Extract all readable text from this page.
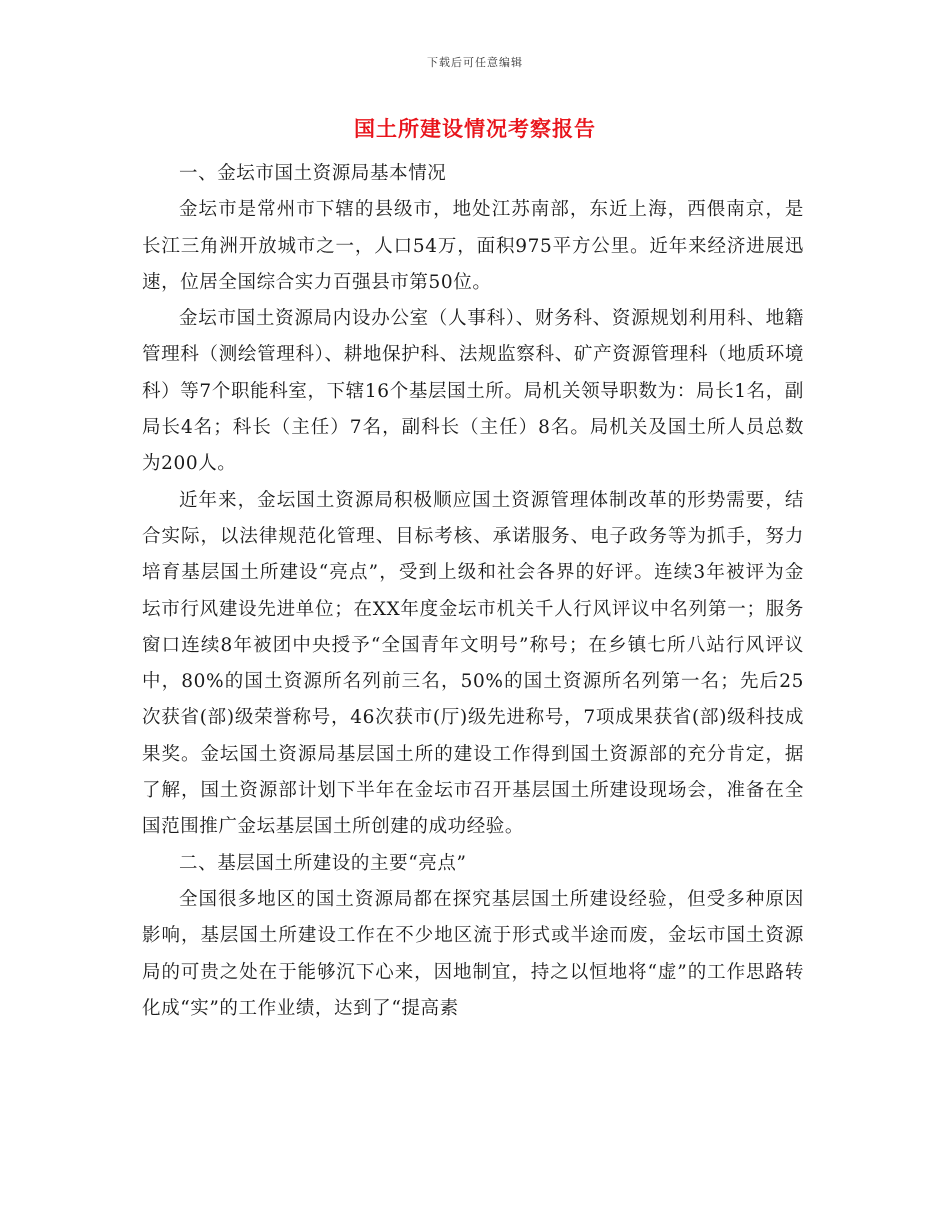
下载后可任意编辑
国土所建设情况考察报告

一、金坛市国土资源局基本情况

金坛市是常州市下辖的县级市，地处江苏南部，东近上海，西偎南京，是长江三角洲开放城市之一，人口54万，面积975平方公里。近年来经济进展迅速，位居全国综合实力百强县市第50位。

金坛市国土资源局内设办公室（人事科）、财务科、资源规划利用科、地籍管理科（测绘管理科）、耕地保护科、法规监察科、矿产资源管理科（地质环境科）等7个职能科室，下辖16个基层国土所。局机关领导职数为：局长1名，副局长4名；科长（主任）7名，副科长（主任）8名。局机关及国土所人员总数为200人。

近年来，金坛国土资源局积极顺应国土资源管理体制改革的形势需要，结合实际，以法律规范化管理、目标考核、承诺服务、电子政务等为抓手，努力培育基层国土所建设“亮点”，受到上级和社会各界的好评。连续3年被评为金坛市行风建设先进单位；在XX年度金坛市机关千人行风评议中名列第一；服务窗口连续8年被团中央授予“全国青年文明号”称号；在乡镇七所八站行风评议中，80%的国土资源所名列前三名，50%的国土资源所名列第一名；先后25次获省(部)级荣誉称号，46次获市(厅)级先进称号，7项成果获省(部)级科技成果奖。金坛国土资源局基层国土所的建设工作得到国土资源部的充分肯定，据了解，国土资源部计划下半年在金坛市召开基层国土所建设现场会，准备在全国范围推广金坛基层国土所创建的成功经验。

二、基层国土所建设的主要“亮点”

全国很多地区的国土资源局都在探究基层国土所建设经验，但受多种原因影响，基层国土所建设工作在不少地区流于形式或半途而废，金坛市国土资源局的可贵之处在于能够沉下心来，因地制宜，持之以恒地将“虚”的工作思路转化成“实”的工作业绩，达到了“提高素
